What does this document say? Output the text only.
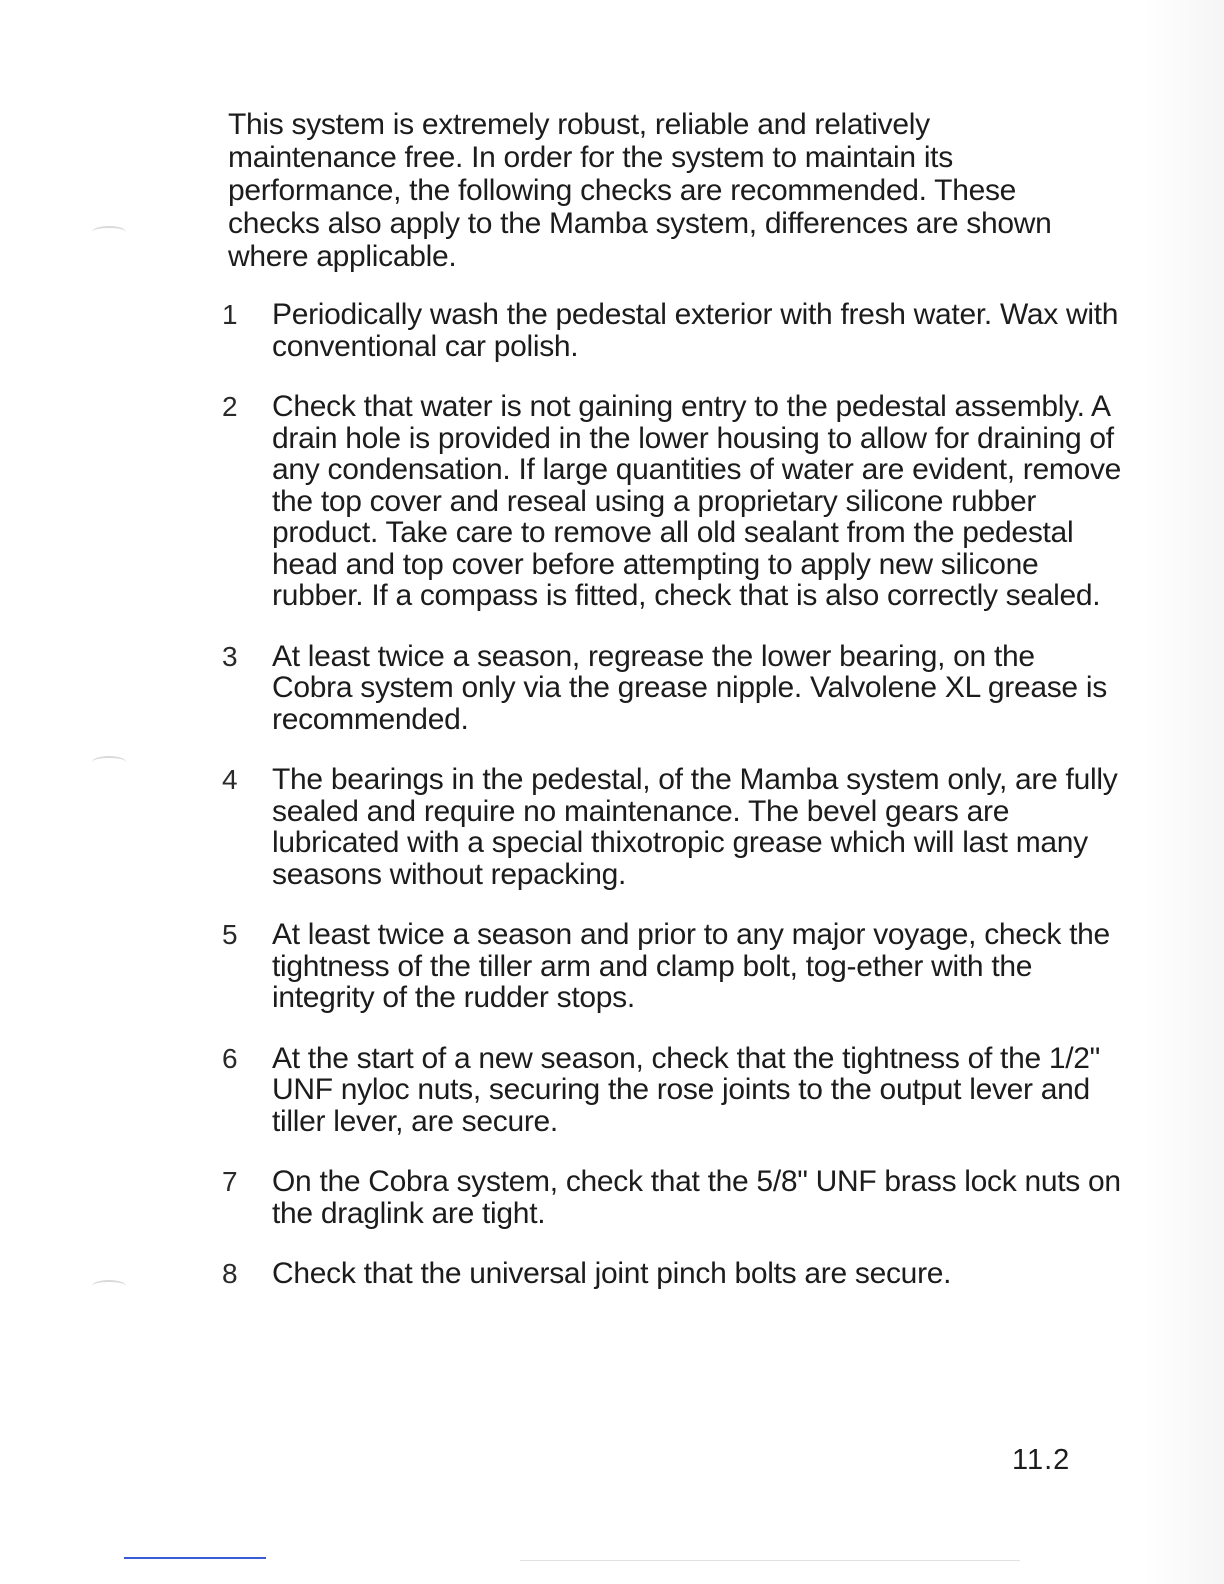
This system is extremely robust, reliable and relatively maintenance free. In order for the system to maintain its performance, the following checks are recommended. These checks also apply to the Mamba system, differences are shown where applicable.

1	Periodically wash the pedestal exterior with fresh water. Wax with conventional car polish.
2	Check that water is not gaining entry to the pedestal assembly. A drain hole is provided in the lower housing to allow for draining of any condensation. If large quantities of water are evident, remove the top cover and reseal using a proprietary silicone rubber product. Take care to remove all old sealant from the pedestal head and top cover before attempting to apply new silicone rubber. If a compass is fitted, check that is also correctly sealed.
3	At least twice a season, regrease the lower bearing, on the Cobra system only via the grease nipple. Valvolene XL grease is recommended.
4	The bearings in the pedestal, of the Mamba system only, are fully sealed and require no maintenance. The bevel gears are lubricated with a special thixotropic grease which will last many seasons without repacking.
5	At least twice a season and prior to any major voyage, check the tightness of the tiller arm and clamp bolt, tog-ether with the integrity of the rudder stops.
6	At the start of a new season, check that the tightness of the 1/2" UNF nyloc nuts, securing the rose joints to the output lever and tiller lever, are secure.
7	On the Cobra system, check that the 5/8" UNF brass lock nuts on the draglink are tight.
8	Check that the universal joint pinch bolts are secure.
11.2
